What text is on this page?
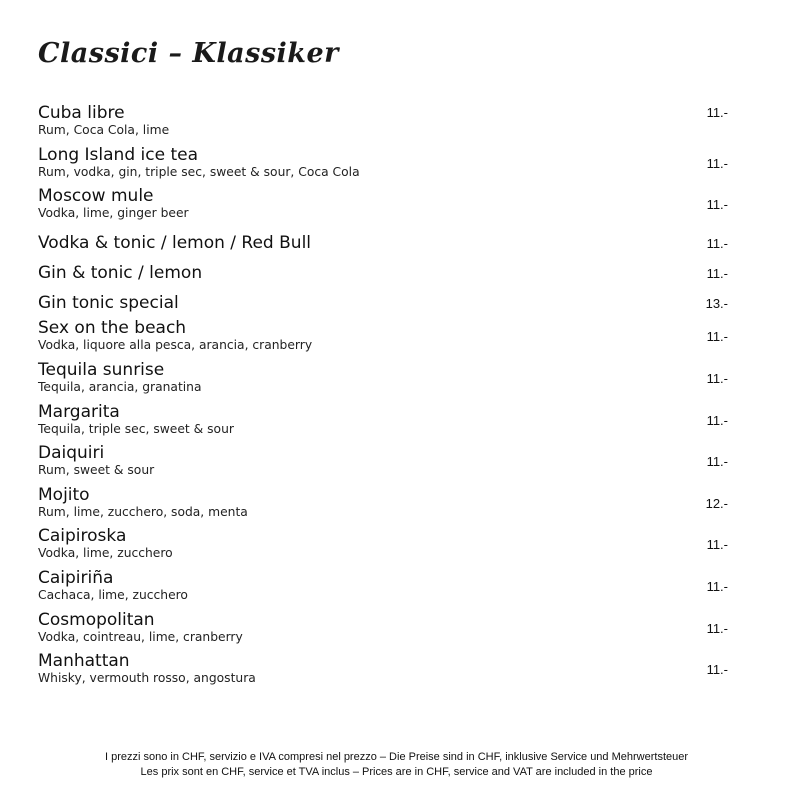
Classici – Klassiker
Cuba libre
Rum, Coca Cola, lime
11.-
Long Island ice tea
Rum, vodka, gin, triple sec, sweet & sour, Coca Cola
11.-
Moscow mule
Vodka, lime, ginger beer
11.-
Vodka & tonic / lemon / Red Bull	11.-
Gin & tonic / lemon	11.-
Gin tonic special	13.-
Sex on the beach
Vodka, liquore alla pesca, arancia, cranberry
11.-
Tequila sunrise
Tequila, arancia, granatina
11.-
Margarita
Tequila, triple sec, sweet & sour
11.-
Daiquiri
Rum, sweet & sour
11.-
Mojito
Rum, lime, zucchero, soda, menta
12.-
Caipiroska
Vodka, lime, zucchero
11.-
Caipiriña
Cachaca, lime, zucchero
11.-
Cosmopolitan
Vodka, cointreau, lime, cranberry
11.-
Manhattan
Whisky, vermouth rosso, angostura
11.-
I prezzi sono in CHF, servizio e IVA compresi nel prezzo – Die Preise sind in CHF, inklusive Service und Mehrwertsteuer
Les prix sont en CHF, service et TVA inclus – Prices are in CHF, service and VAT are included in the price
